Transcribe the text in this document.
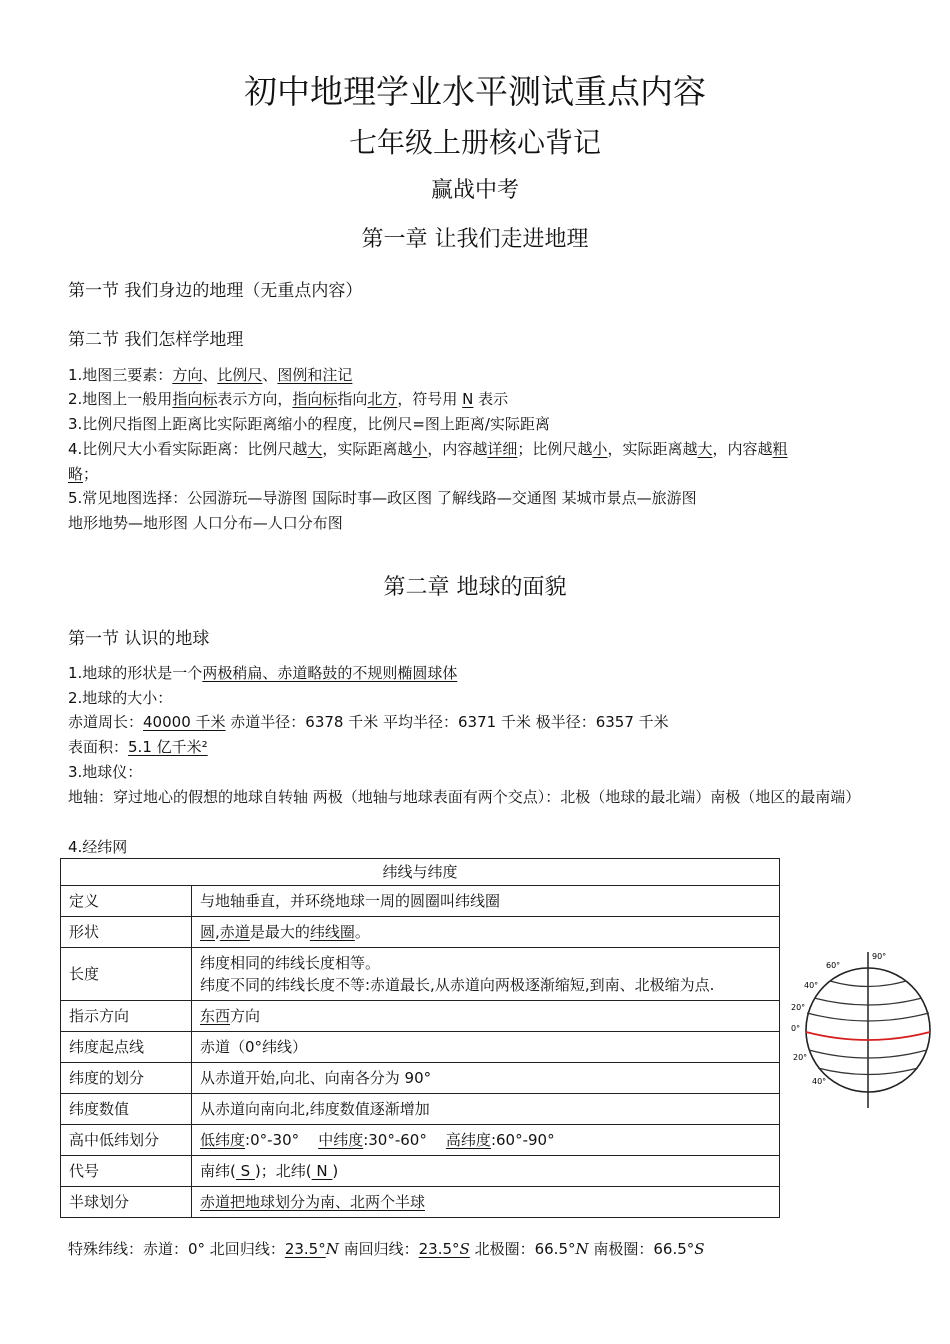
初中地理学业水平测试重点内容
七年级上册核心背记
赢战中考
第一章 让我们走进地理
第一节 我们身边的地理（无重点内容）
第二节 我们怎样学地理
1.地图三要素：方向、比例尺、图例和注记
2.地图上一般用指向标表示方向，指向标指向北方，符号用 N 表示
3.比例尺指图上距离比实际距离缩小的程度，比例尺=图上距离/实际距离
4.比例尺大小看实际距离：比例尺越大，实际距离越小，内容越详细；比例尺越小，实际距离越大，内容越粗
略；
5.常见地图选择：公园游玩—导游图 国际时事—政区图 了解线路—交通图 某城市景点—旅游图
地形地势—地形图 人口分布—人口分布图
第二章 地球的面貌
第一节 认识的地球
1.地球的形状是一个两极稍扁、赤道略鼓的不规则椭圆球体
2.地球的大小：
赤道周长：40000 千米 赤道半径：6378 千米 平均半径：6371 千米 极半径：6357 千米
表面积：5.1 亿千米²
3.地球仪：
地轴：穿过地心的假想的地球自转轴 两极（地轴与地球表面有两个交点）：北极（地球的最北端）南极（地区的最南端）
4.经纬网
纬线与纬度	
定义	与地轴垂直，并环绕地球一周的圆圈叫纬线圈
形状	圆,赤道是最大的纬线圈。
长度	纬度相同的纬线长度相等。
纬度不同的纬线长度不等:赤道最长,从赤道向两极逐渐缩短,到南、北极缩为点.

指示方向	东西方向
纬度起点线	赤道（0°纬线）
纬度的划分	从赤道开始,向北、向南各分为 90°
纬度数值	从赤道向南向北,纬度数值逐渐增加
高中低纬划分	低纬度:0°-30°    中纬度:30°-60°    高纬度:60°-90°
代号	南纬( S )；北纬( N )
半球划分	赤道把地球划分为南、北两个半球
90°
60°
40°
20°
0°
20°
40°
特殊纬线：赤道：0° 北回归线：23.5°N 南回归线：23.5°S 北极圈：66.5°N 南极圈：66.5°S
